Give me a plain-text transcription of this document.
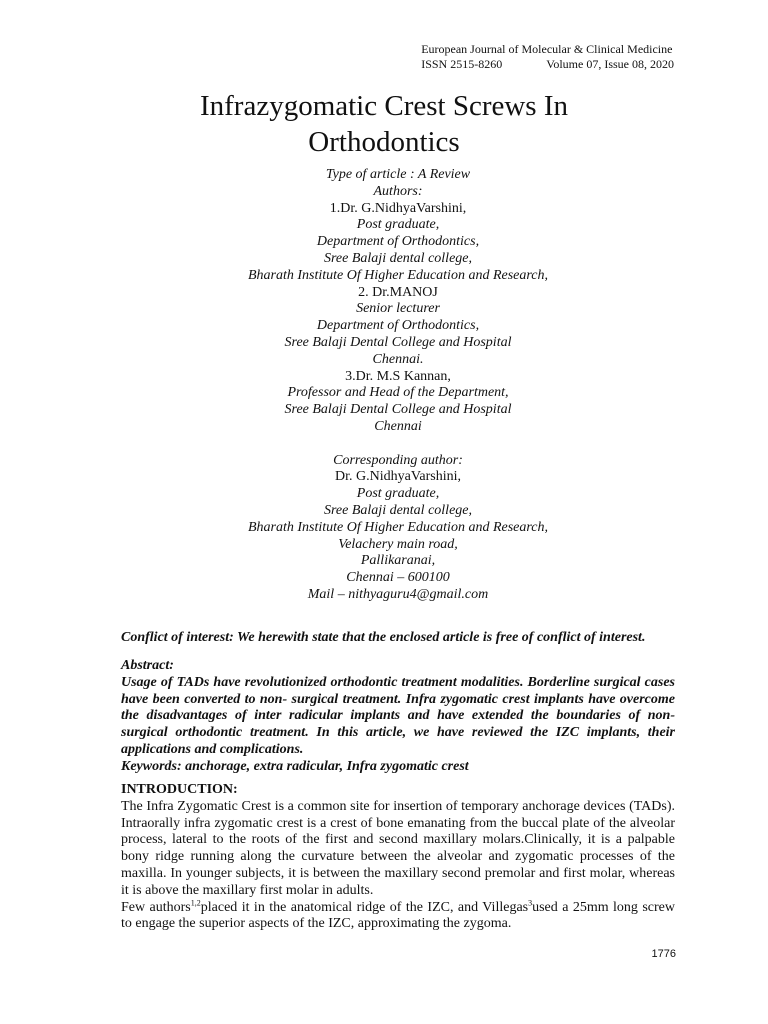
European Journal of Molecular & Clinical Medicine
ISSN 2515-8260	Volume 07, Issue 08, 2020
Infrazygomatic Crest Screws In
Orthodontics
Type of article : A Review
Authors:
1.Dr. G.NidhyaVarshini,
Post graduate,
Department of Orthodontics,
Sree Balaji dental college,
Bharath Institute Of Higher Education and Research,
2. Dr.MANOJ
Senior lecturer
Department of Orthodontics,
Sree Balaji Dental College and Hospital
Chennai.
3.Dr. M.S Kannan,
Professor and Head of the Department,
Sree Balaji Dental College and Hospital
Chennai
Corresponding author:
Dr. G.NidhyaVarshini,
Post graduate,
Sree Balaji dental college,
Bharath Institute Of Higher Education and Research,
Velachery main road,
Pallikaranai,
Chennai – 600100
Mail – nithyaguru4@gmail.com
Conflict of interest: We herewith state that the enclosed article is free of conflict of interest.
Abstract:
Usage of TADs have revolutionized orthodontic treatment modalities. Borderline surgical cases have been converted to non- surgical treatment. Infra zygomatic crest implants have overcome the disadvantages of inter radicular implants and have extended the boundaries of non- surgical orthodontic treatment. In this article, we have reviewed the IZC implants, their applications and complications.
Keywords: anchorage, extra radicular, Infra zygomatic crest
INTRODUCTION:
The Infra Zygomatic Crest is a common site for insertion of temporary anchorage devices (TADs). Intraorally infra zygomatic crest is a crest of bone emanating from the buccal plate of the alveolar process, lateral to the roots of the first and second maxillary molars.Clinically, it is a palpable bony ridge running along the curvature between the alveolar and zygomatic processes of the maxilla. In younger subjects, it is between the maxillary second premolar and first molar, whereas it is above the maxillary first molar in adults.
Few authors$^{1,2}$placed it in the anatomical ridge of the IZC, and Villegas$^3$used a 25mm long screw to engage the superior aspects of the IZC, approximating the zygoma.
1776
